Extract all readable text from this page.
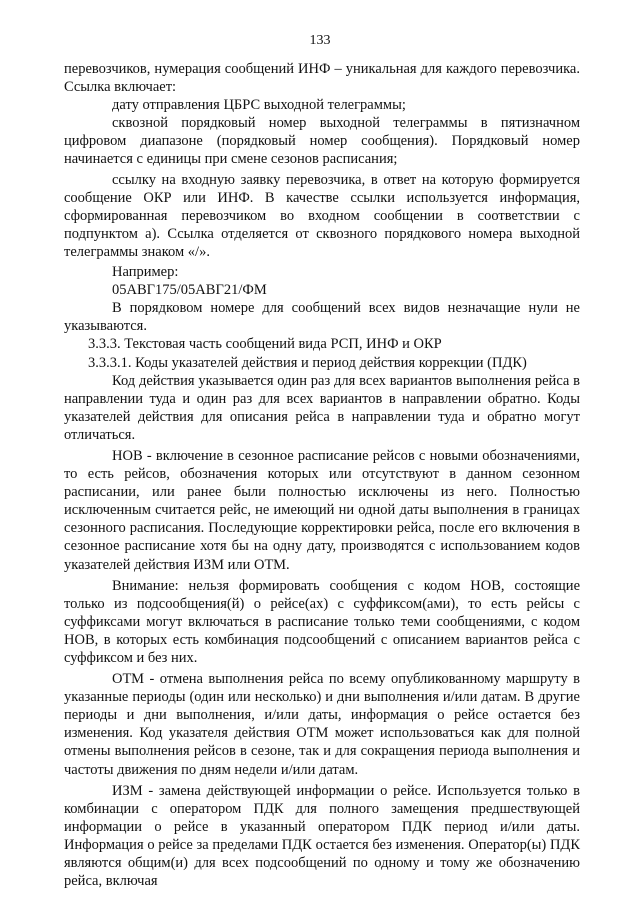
133

перевозчиков, нумерация сообщений ИНФ – уникальная для каждого перевозчика. Ссылка включает:

дату отправления ЦБРС выходной телеграммы;

сквозной порядковый номер выходной телеграммы в пятизначном цифровом диапазоне (порядковый номер сообщения). Порядковый номер начинается с единицы при смене сезонов расписания;

ссылку на входную заявку перевозчика, в ответ на которую формируется сообщение ОКР или ИНФ. В качестве ссылки используется информация, сформированная перевозчиком во входном сообщении в соответствии с подпунктом а). Ссылка отделяется от сквозного порядкового номера выходной телеграммы знаком «/».

Например:

05АВГ175/05АВГ21/ФМ

В порядковом номере для сообщений всех видов незначащие нули не указываются.

3.3.3. Текстовая часть сообщений вида РСП, ИНФ и ОКР

3.3.3.1. Коды указателей действия и период действия коррекции (ПДК)

Код действия указывается один раз для всех вариантов выполнения рейса в направлении туда и один раз для всех вариантов в направлении обратно. Коды указателей действия для описания рейса в направлении туда и обратно могут отличаться.

НОВ - включение в сезонное расписание рейсов с новыми обозначениями, то есть рейсов, обозначения которых или отсутствуют в данном сезонном расписании, или ранее были полностью исключены из него. Полностью исключенным считается рейс, не имеющий ни одной даты выполнения в границах сезонного расписания. Последующие корректировки рейса, после его включения в сезонное расписание хотя бы на одну дату, производятся с использованием кодов указателей действия ИЗМ или ОТМ.

Внимание: нельзя формировать сообщения с кодом НОВ, состоящие только из подсообщения(й) о рейсе(ах) с суффиксом(ами), то есть рейсы с суффиксами могут включаться в расписание только теми сообщениями, с кодом НОВ, в которых есть комбинация подсообщений с описанием вариантов рейса с суффиксом и без них.

ОТМ - отмена выполнения рейса по всему опубликованному маршруту в указанные периоды (один или несколько) и дни выполнения и/или датам. В другие периоды и дни выполнения, и/или даты, информация о рейсе остается без изменения. Код указателя действия ОТМ может использоваться как для полной отмены выполнения рейсов в сезоне, так и для сокращения периода выполнения и частоты движения по дням недели и/или датам.

ИЗМ - замена действующей информации о рейсе. Используется только в комбинации с оператором ПДК для полного замещения предшествующей информации о рейсе в указанный оператором ПДК период и/или даты. Информация о рейсе за пределами ПДК остается без изменения. Оператор(ы) ПДК являются общим(и) для всех подсообщений по одному и тому же обозначению рейса, включая
